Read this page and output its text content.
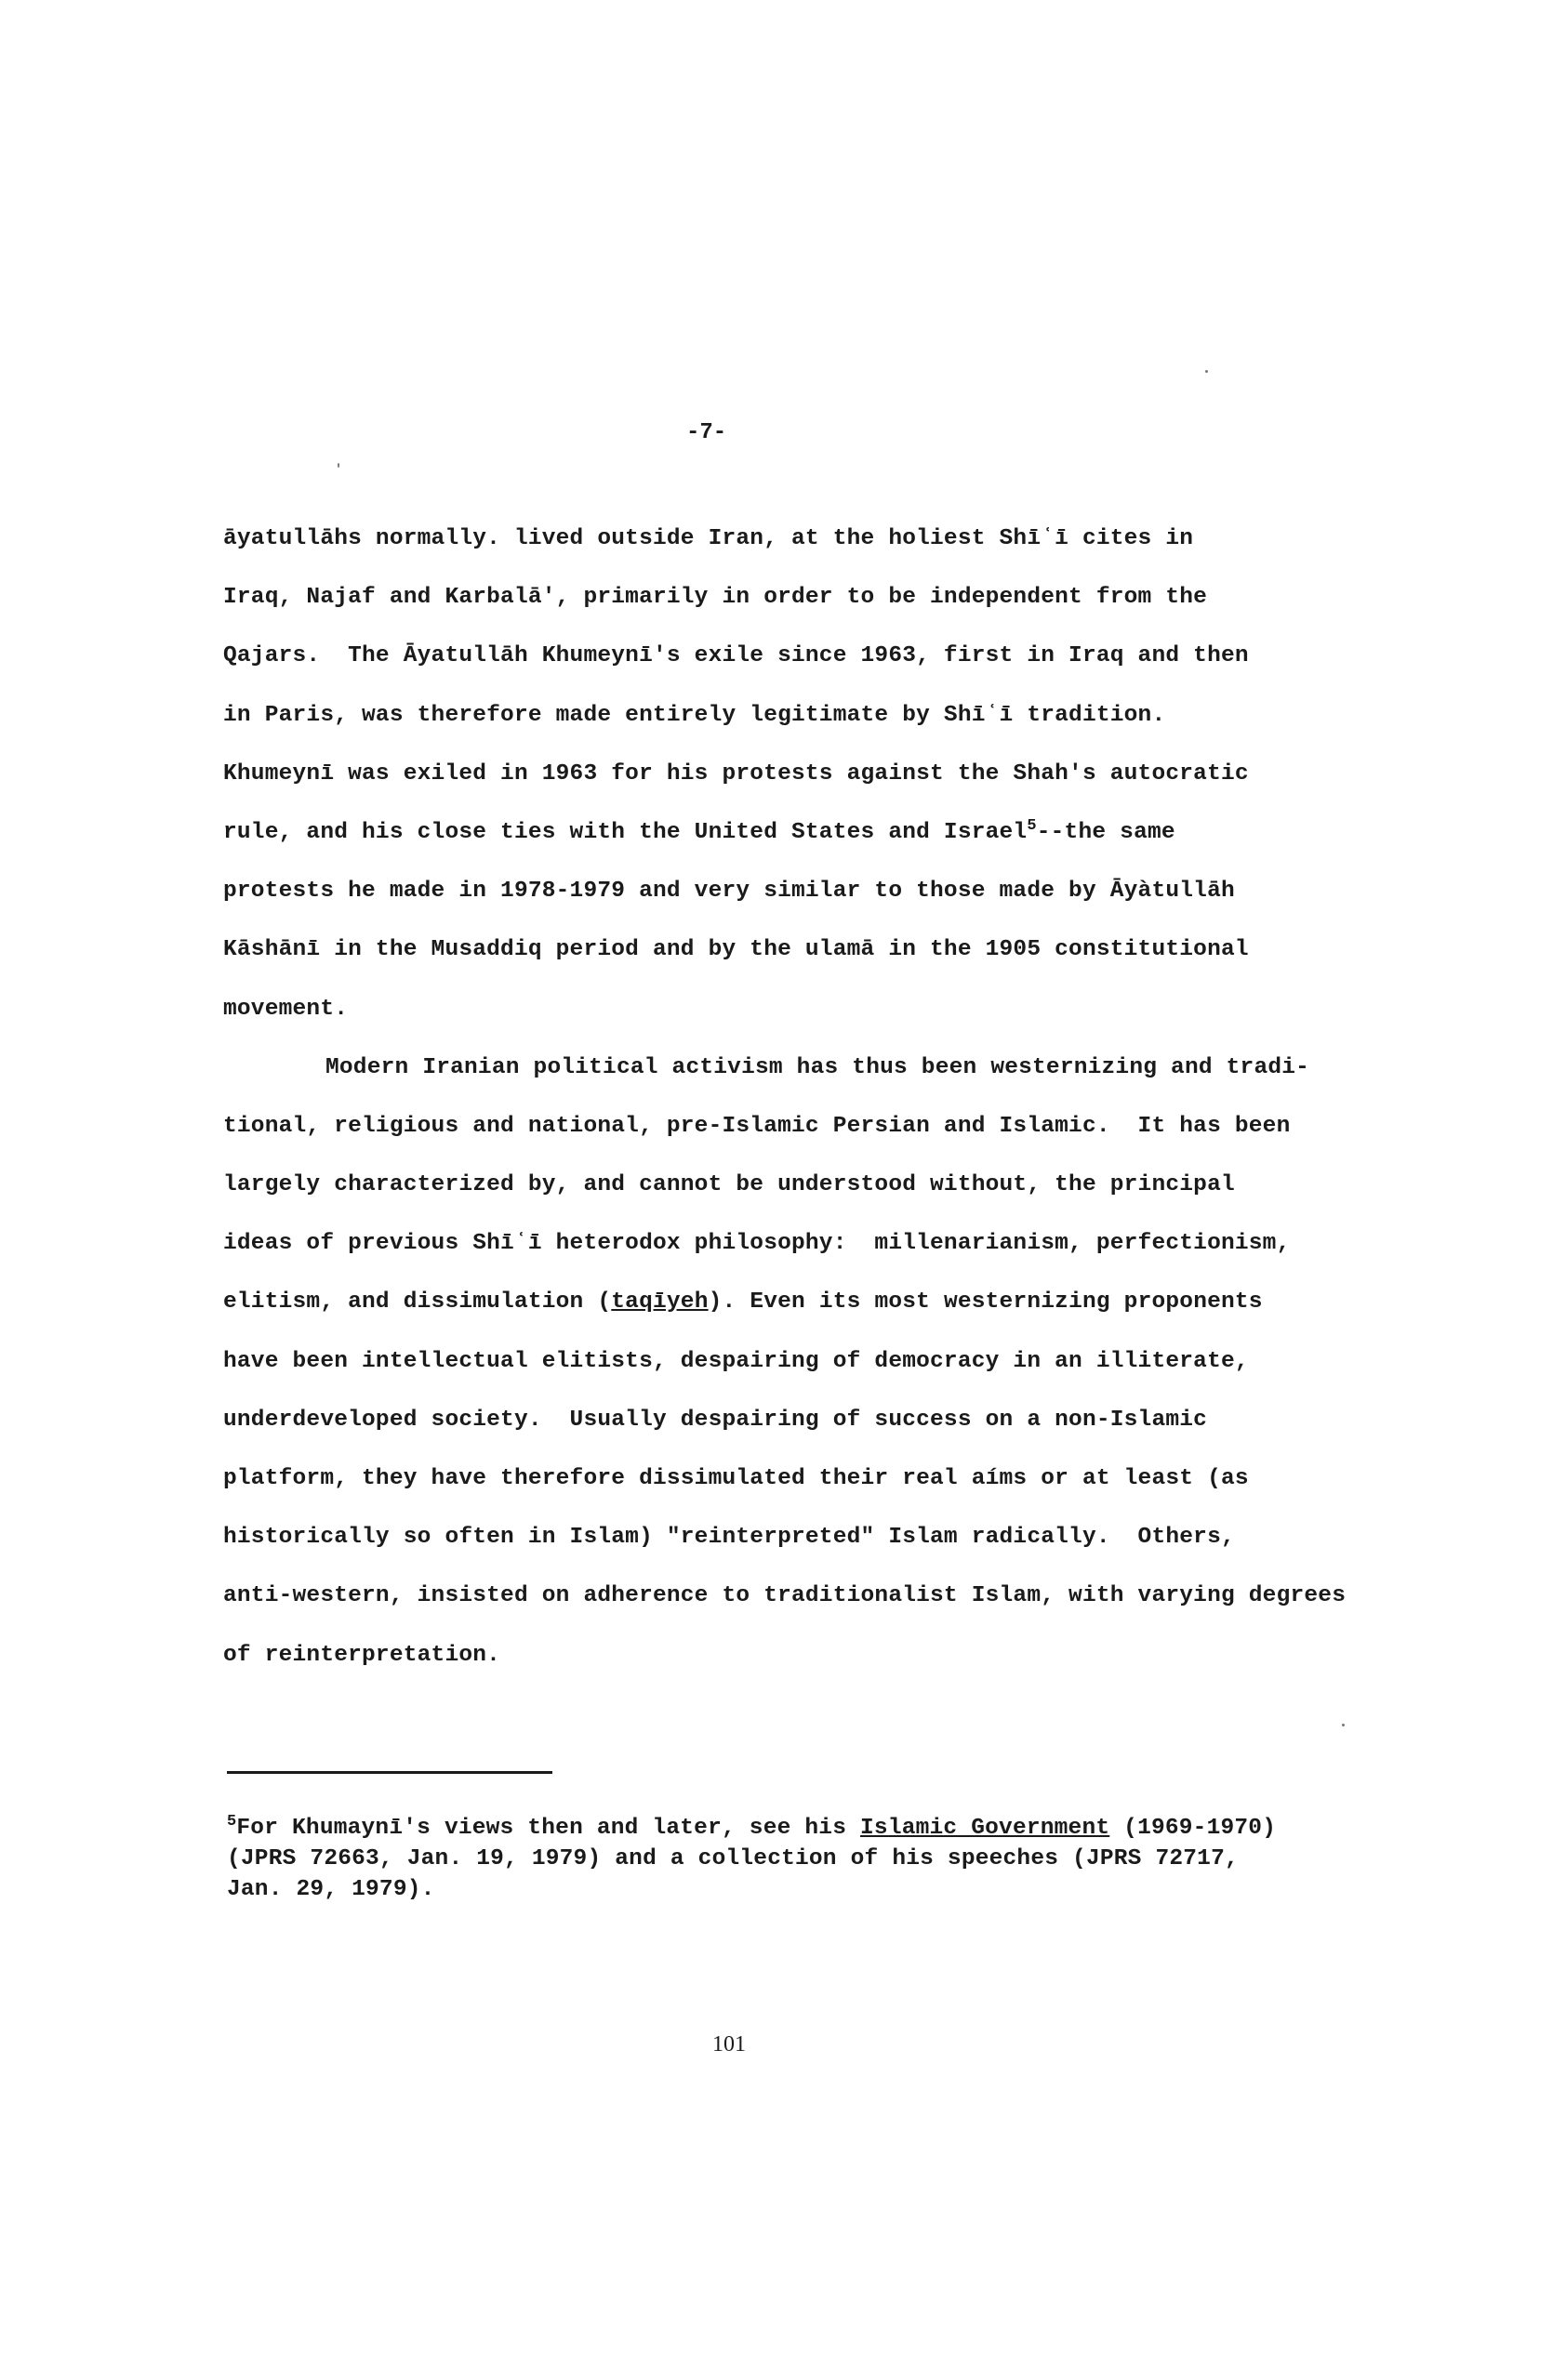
-7-
āyatullāhs normally. lived outside Iran, at the holiest Shīʿī cites in
Iraq, Najaf and Karbalā', primarily in order to be independent from the
Qajars.  The Āyatullāh Khumeynī's exile since 1963, first in Iraq and then
in Paris, was therefore made entirely legitimate by Shīʿī tradition.
Khumeynī was exiled in 1963 for his protests against the Shah's autocratic
rule, and his close ties with the United States and Israel$^5$--the same
protests he made in 1978-1979 and very similar to those made by Āyàtullāh
Kāshānī in the Musaddiq period and by the ulamā in the 1905 constitutional
movement.
Modern Iranian political activism has thus been westernizing and tradi-
tional, religious and national, pre-Islamic Persian and Islamic.  It has been
largely characterized by, and cannot be understood without, the principal
ideas of previous Shīʿī heterodox philosophy:  millenarianism, perfectionism,
elitism, and dissimulation (taqīyeh). Even its most westernizing proponents
have been intellectual elitists, despairing of democracy in an illiterate,
underdeveloped society.  Usually despairing of success on a non-Islamic
platform, they have therefore dissimulated their real aíms or at least (as
historically so often in Islam) "reinterpreted" Islam radically.  Others,
anti-western, insisted on adherence to traditionalist Islam, with varying degrees
of reinterpretation.
$^5$For Khumaynī's views then and later, see his Islamic Government (1969-1970)
(JPRS 72663, Jan. 19, 1979) and a collection of his speeches (JPRS 72717,
Jan. 29, 1979).
101
